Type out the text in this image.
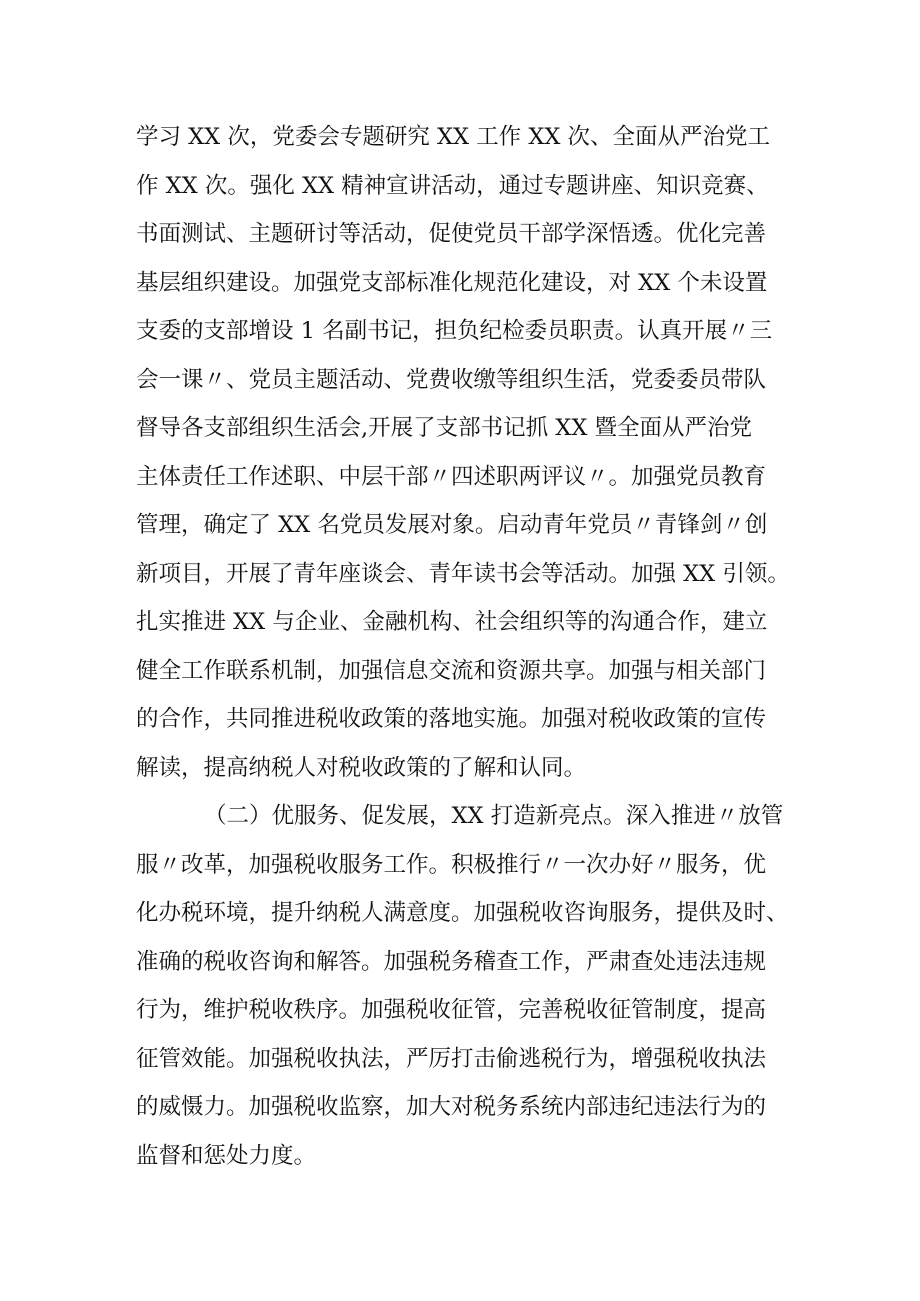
学习 XX 次，党委会专题研究 XX 工作 XX 次、全面从严治党工
作 XX 次。强化 XX 精神宣讲活动，通过专题讲座、知识竞赛、
书面测试、主题研讨等活动，促使党员干部学深悟透。优化完善
基层组织建设。加强党支部标准化规范化建设，对 XX 个未设置
支委的支部增设 1 名副书记，担负纪检委员职责。认真开展〃三
会一课〃、党员主题活动、党费收缴等组织生活，党委委员带队
督导各支部组织生活会,开展了支部书记抓 XX 暨全面从严治党
主体责任工作述职、中层干部〃四述职两评议〃。加强党员教育
管理，确定了 XX 名党员发展对象。启动青年党员〃青锋剑〃创
新项目，开展了青年座谈会、青年读书会等活动。加强 XX 引领。
扎实推进 XX 与企业、金融机构、社会组织等的沟通合作，建立
健全工作联系机制，加强信息交流和资源共享。加强与相关部门
的合作，共同推进税收政策的落地实施。加强对税收政策的宣传
解读，提高纳税人对税收政策的了解和认同。
（二）优服务、促发展，XX 打造新亮点。深入推进〃放管
服〃改革，加强税收服务工作。积极推行〃一次办好〃服务，优
化办税环境，提升纳税人满意度。加强税收咨询服务，提供及时、
准确的税收咨询和解答。加强税务稽查工作，严肃查处违法违规
行为，维护税收秩序。加强税收征管，完善税收征管制度，提高
征管效能。加强税收执法，严厉打击偷逃税行为，增强税收执法
的威慑力。加强税收监察，加大对税务系统内部违纪违法行为的
监督和惩处力度。
